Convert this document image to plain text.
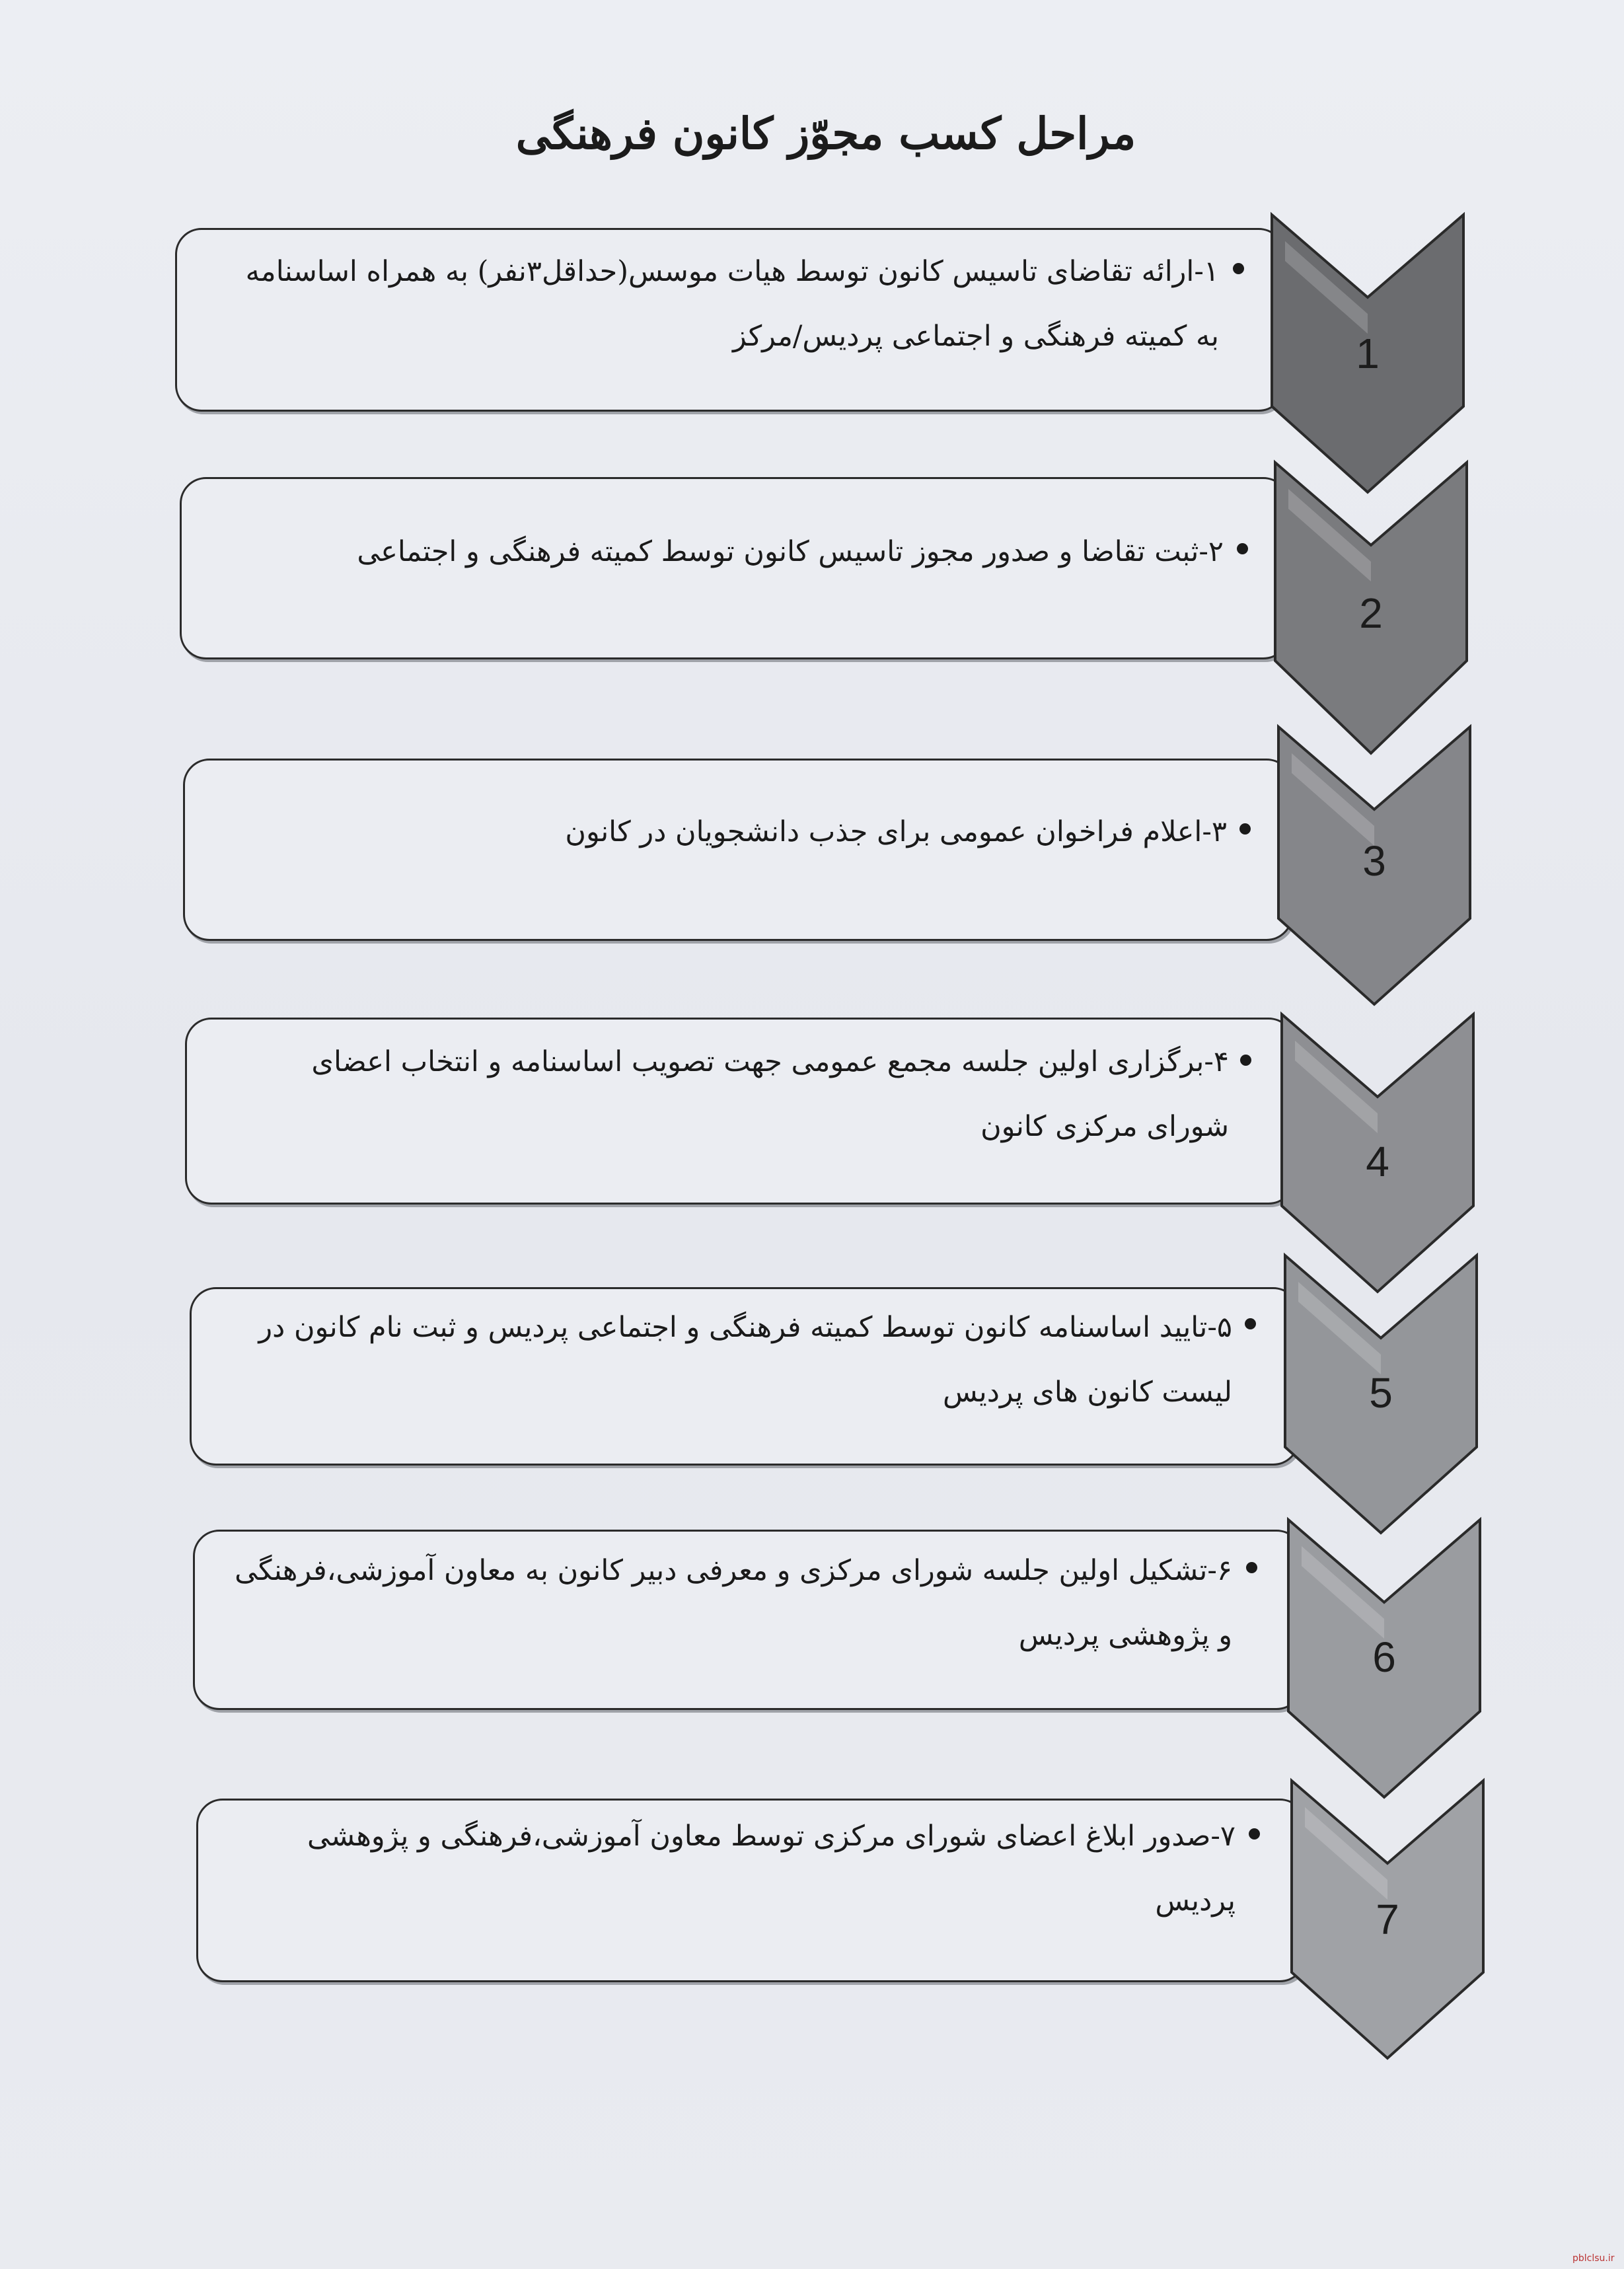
مراحل کسب مجوّز کانون فرهنگی
۱-ارائه تقاضای تاسیس کانون توسط هیات موسس(حداقل۳نفر) به همراه اساسنامه به کمیته فرهنگی و اجتماعی پردیس/مرکز	1
۲-ثبت تقاضا و صدور مجوز تاسیس کانون توسط کمیته فرهنگی و اجتماعی
2
۳-اعلام فراخوان عمومی برای جذب دانشجویان در کانون
3
۴-برگزاری اولین جلسه مجمع عمومی جهت تصویب اساسنامه و انتخاب اعضای شورای مرکزی کانون
4
۵-تایید اساسنامه کانون توسط کمیته فرهنگی و اجتماعی پردیس و ثبت نام کانون در لیست کانون های پردیس	5
۶-تشکیل اولین جلسه شورای مرکزی و معرفی دبیر کانون به معاون آموزشی،فرهنگی و پژوهشی پردیس	6
۷-صدور ابلاغ اعضای شورای مرکزی توسط معاون آموزشی،فرهنگی و پژوهشی پردیس	7
pblclsu.ir
